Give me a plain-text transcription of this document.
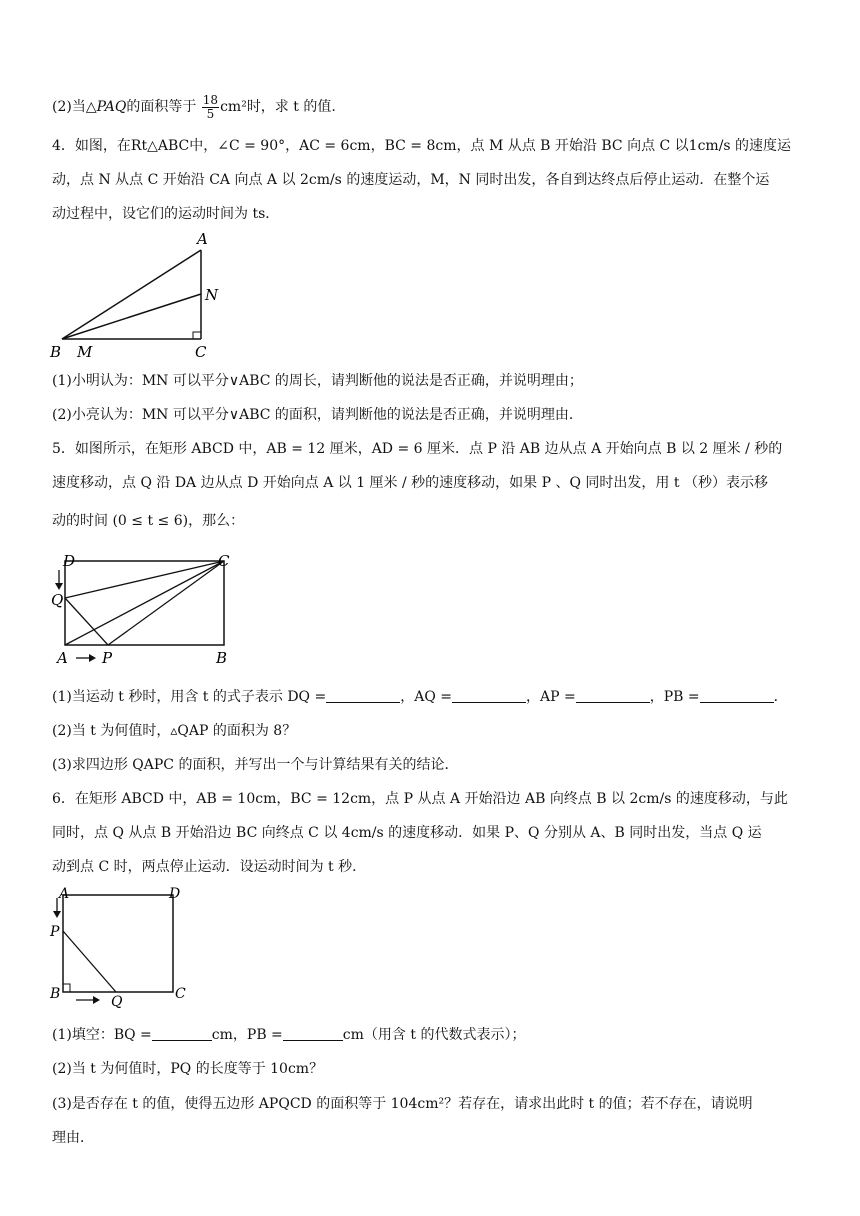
(2)当△PAQ的面积等于 $\frac{18}{5} cm^2$时，求 t 的值.
4．如图，在Rt△ABC中，∠C = 90°，AC = 6cm，BC = 8cm，点 M 从点 B 开始沿 BC 向点 C 以1cm/s 的速度运
动，点 N 从点 C 开始沿 CA 向点 A 以 2cm/s 的速度运动，M，N 同时出发，各自到达终点后停止运动．在整个运
动过程中，设它们的运动时间为 ts．
A
N
B M	C
(1)小明认为：MN 可以平分∨ABC 的周长，请判断他的说法是否正确，并说明理由；
(2)小亮认为：MN 可以平分∨ABC 的面积，请判断他的说法是否正确，并说明理由．
5．如图所示，在矩形 ABCD 中，AB = 12 厘米，AD = 6 厘米．点 P 沿 AB 边从点 A 开始向点 B 以 2 厘米 / 秒的
速度移动，点 Q 沿 DA 边从点 D 开始向点 A 以 1 厘米 / 秒的速度移动，如果 P 、Q 同时出发，用 t （秒）表示移
动的时间 (0 ≤ t ≤ 6)，那么：
D	C
Q
A P	B
(1)当运动 t 秒时，用含 t 的式子表示 DQ =	，AQ =	，AP =	，PB =	．
(2)当 t 为何值时，▵QAP 的面积为 8？
(3)求四边形 QAPC 的面积，并写出一个与计算结果有关的结论．
6．在矩形 ABCD 中，AB = 10cm，BC = 12cm，点 P 从点 A 开始沿边 AB 向终点 B 以 2cm/s 的速度移动，与此
同时，点 Q 从点 B 开始沿边 BC 向终点 C 以 4cm/s 的速度移动．如果 P、Q 分别从 A、B 同时出发，当点 Q 运
动到点 C 时，两点停止运动．设运动时间为 t 秒．
A	D
P
B	Q	C
(1)填空：BQ =	cm，PB =	cm（用含 t 的代数式表示）；
(2)当 t 为何值时，PQ 的长度等于 10cm？
(3)是否存在 t 的值，使得五边形 APQCD 的面积等于 104cm²？若存在，请求出此时 t 的值；若不存在，请说明
理由．
